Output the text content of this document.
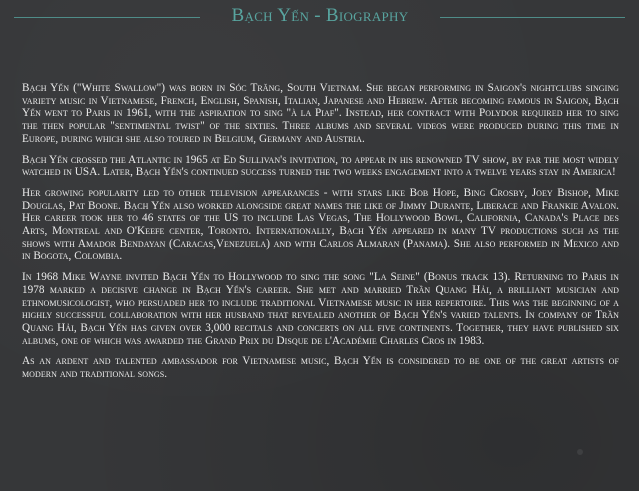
Bạch Yến - Biography

Bạch Yến ("White Swallow") was born in Sóc Trăng, South Vietnam. She began performing in Saigon's nightclubs singing variety music in Vietnamese, French, English, Spanish, Italian, Japanese and Hebrew. After becoming famous in Saigon, Bạch Yến went to Paris in 1961, with the aspiration to sing "à la Piaf". Instead, her contract with Polydor required her to sing the then popular "sentimental twist" of the sixties. Three albums and several videos were produced during this time in Europe, during which she also toured in Belgium, Germany and Austria.

Bạch Yến crossed the Atlantic in 1965 at Ed Sullivan's invitation, to appear in his renowned TV show, by far the most widely watched in USA. Later, Bạch Yến's continued success turned the two weeks engagement into a twelve years stay in America!

Her growing popularity led to other television appearances - with stars like Bob Hope, Bing Crosby, Joey Bishop, Mike Douglas, Pat Boone. Bạch Yến also worked alongside great names the like of Jimmy Durante, Liberace and Frankie Avalon. Her career took her to 46 states of the US to include Las Vegas, The Hollywood Bowl, California, Canada's Place des Arts, Montreal and O'Keefe center, Toronto. Internationally, Bạch Yến appeared in many TV productions such as the shows with Amador Bendayan (Caracas,Venezuela) and with Carlos Almaran (Panama). She also performed in Mexico and in Bogota, Colombia.

In 1968 Mike Wayne invited Bạch Yến to Hollywood to sing the song "La Seine" (Bonus track 13). Returning to Paris in 1978 marked a decisive change in Bạch Yến's career. She met and married Trần Quang Hải, a brilliant musician and ethnomusicologist, who persuaded her to include traditional Vietnamese music in her repertoire. This was the beginning of a highly successful collaboration with her husband that revealed another of Bạch Yến's varied talents. In company of Trần Quang Hải, Bạch Yến has given over 3,000 recitals and concerts on all five continents. Together, they have published six albums, one of which was awarded the Grand Prix du Disque de l'Académie Charles Cros in 1983.

As an ardent and talented ambassador for Vietnamese music, Bạch Yến is considered to be one of the great artists of modern and traditional songs.
